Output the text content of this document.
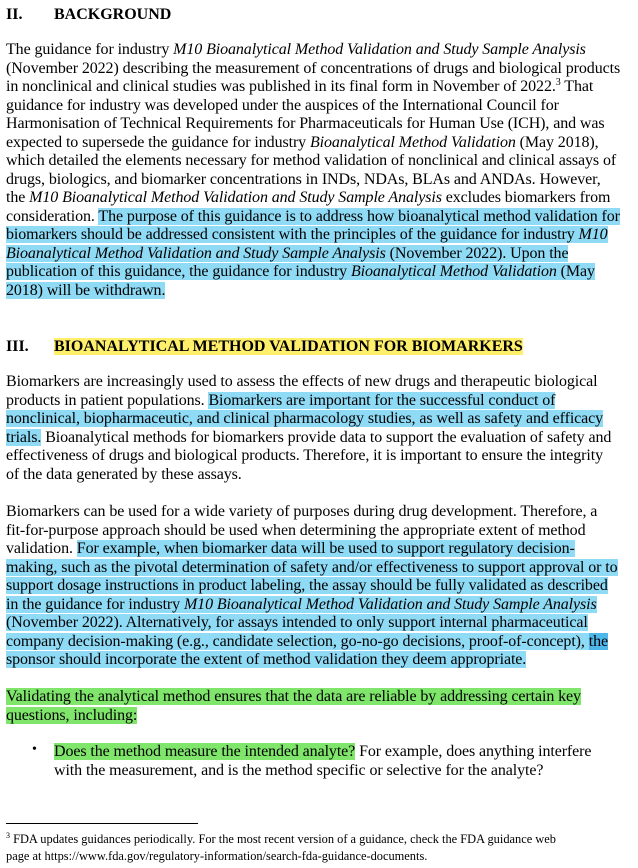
II. BACKGROUND
The guidance for industry M10 Bioanalytical Method Validation and Study Sample Analysis
(November 2022) describing the measurement of concentrations of drugs and biological products
in nonclinical and clinical studies was published in its final form in November of 2022.$^3$ That
guidance for industry was developed under the auspices of the International Council for
Harmonisation of Technical Requirements for Pharmaceuticals for Human Use (ICH), and was
expected to supersede the guidance for industry Bioanalytical Method Validation (May 2018),
which detailed the elements necessary for method validation of nonclinical and clinical assays of
drugs, biologics, and biomarker concentrations in INDs, NDAs, BLAs and ANDAs. However,
the M10 Bioanalytical Method Validation and Study Sample Analysis excludes biomarkers from
consideration. The purpose of this guidance is to address how bioanalytical method validation for
biomarkers should be addressed consistent with the principles of the guidance for industry M10
Bioanalytical Method Validation and Study Sample Analysis (November 2022). Upon the
publication of this guidance, the guidance for industry Bioanalytical Method Validation (May
2018) will be withdrawn.
III. BIOANALYTICAL METHOD VALIDATION FOR BIOMARKERS
Biomarkers are increasingly used to assess the effects of new drugs and therapeutic biological
products in patient populations. Biomarkers are important for the successful conduct of
nonclinical, biopharmaceutic, and clinical pharmacology studies, as well as safety and efficacy
trials. Bioanalytical methods for biomarkers provide data to support the evaluation of safety and
effectiveness of drugs and biological products. Therefore, it is important to ensure the integrity
of the data generated by these assays.
Biomarkers can be used for a wide variety of purposes during drug development. Therefore, a
fit-for-purpose approach should be used when determining the appropriate extent of method
validation. For example, when biomarker data will be used to support regulatory decision-
making, such as the pivotal determination of safety and/or effectiveness to support approval or to
support dosage instructions in product labeling, the assay should be fully validated as described
in the guidance for industry M10 Bioanalytical Method Validation and Study Sample Analysis
(November 2022). Alternatively, for assays intended to only support internal pharmaceutical
company decision-making (e.g., candidate selection, go-no-go decisions, proof-of-concept), the
sponsor should incorporate the extent of method validation they deem appropriate.
Validating the analytical method ensures that the data are reliable by addressing certain key
questions, including:
• Does the method measure the intended analyte? For example, does anything interfere
with the measurement, and is the method specific or selective for the analyte?
$^3$ FDA updates guidances periodically. For the most recent version of a guidance, check the FDA guidance web
page at https://www.fda.gov/regulatory-information/search-fda-guidance-documents.
